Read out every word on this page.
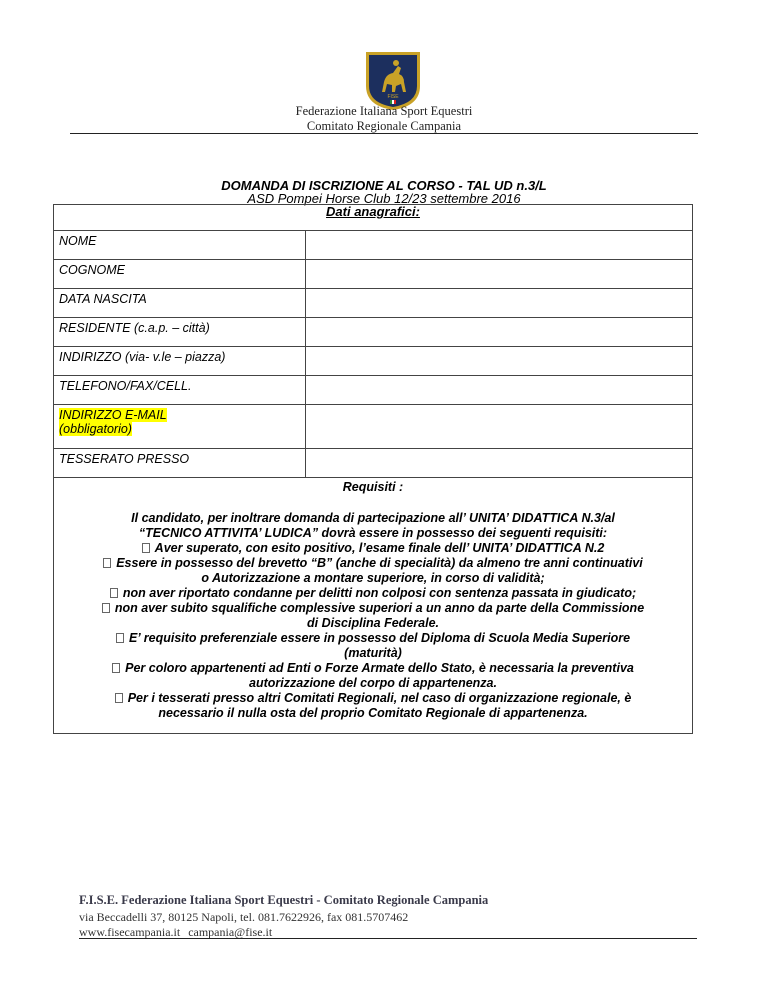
FISE
Federazione Italiana Sport Equestri
Comitato Regionale Campania
DOMANDA DI ISCRIZIONE AL CORSO - TAL UD n.3/L
ASD Pompei Horse Club 12/23 settembre 2016
Dati anagrafici:
NOME
COGNOME
DATA NASCITA
RESIDENTE (c.a.p. – città)
INDIRIZZO (via- v.le – piazza)
TELEFONO/FAX/CELL.
INDIRIZZO E-MAIL
(obbligatorio)
TESSERATO PRESSO
Requisiti :
Il candidato, per inoltrare domanda di partecipazione all’ UNITA’ DIDATTICA N.3/al
“TECNICO ATTIVITA’ LUDICA” dovrà essere in possesso dei seguenti requisiti:
Aver superato, con esito positivo, l’esame finale dell’ UNITA’ DIDATTICA N.2
Essere in possesso del brevetto “B” (anche di specialità) da almeno tre anni continuativi
o Autorizzazione a montare superiore, in corso di validità;
non aver riportato condanne per delitti non colposi con sentenza passata in giudicato;
non aver subito squalifiche complessive superiori a un anno da parte della Commissione
di Disciplina Federale.
E’ requisito preferenziale essere in possesso del Diploma di Scuola Media Superiore
(maturità)
Per coloro appartenenti ad Enti o Forze Armate dello Stato, è necessaria la preventiva
autorizzazione del corpo di appartenenza.
Per i tesserati presso altri Comitati Regionali, nel caso di organizzazione regionale, è
necessario il nulla osta del proprio Comitato Regionale di appartenenza.
F.I.S.E. Federazione Italiana Sport Equestri - Comitato Regionale Campania
via Beccadelli 37, 80125 Napoli, tel. 081.7622926, fax 081.5707462
www.fisecampania.it campania@fise.it
